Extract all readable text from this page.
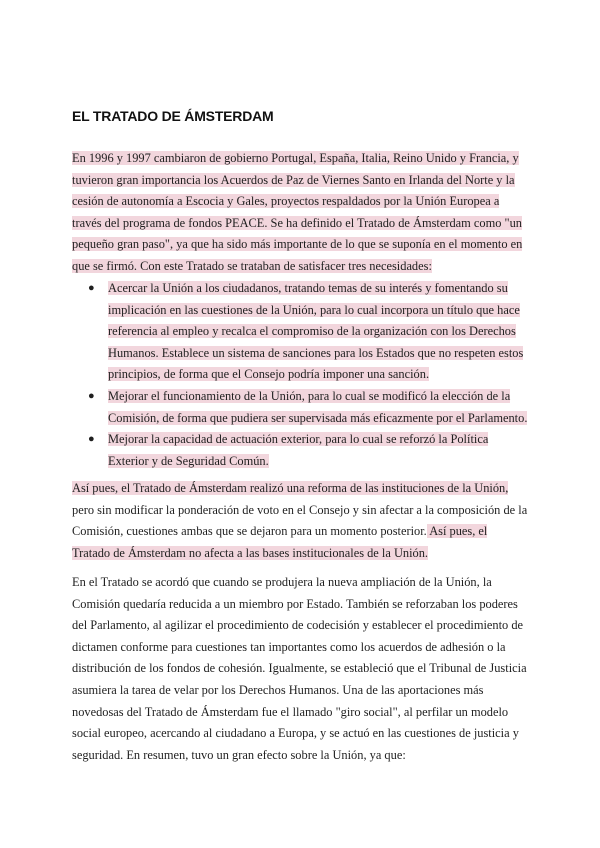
EL TRATADO DE ÁMSTERDAM
En 1996 y 1997 cambiaron de gobierno Portugal, España, Italia, Reino Unido y Francia, y tuvieron gran importancia los Acuerdos de Paz de Viernes Santo en Irlanda del Norte y la cesión de autonomía a Escocia y Gales, proyectos respaldados por la Unión Europea a través del programa de fondos PEACE. Se ha definido el Tratado de Ámsterdam como "un pequeño gran paso", ya que ha sido más importante de lo que se suponía en el momento en que se firmó. Con este Tratado se trataban de satisfacer tres necesidades:
●	Acercar la Unión a los ciudadanos, tratando temas de su interés y fomentando su implicación en las cuestiones de la Unión, para lo cual incorpora un título que hace referencia al empleo y recalca el compromiso de la organización con los Derechos Humanos. Establece un sistema de sanciones para los Estados que no respeten estos principios, de forma que el Consejo podría imponer una sanción.
●	Mejorar el funcionamiento de la Unión, para lo cual se modificó la elección de la Comisión, de forma que pudiera ser supervisada más eficazmente por el Parlamento.
●	Mejorar la capacidad de actuación exterior, para lo cual se reforzó la Política Exterior y de Seguridad Común.
Así pues, el Tratado de Ámsterdam realizó una reforma de las instituciones de la Unión, pero sin modificar la ponderación de voto en el Consejo y sin afectar a la composición de la Comisión, cuestiones ambas que se dejaron para un momento posterior. Así pues, el Tratado de Ámsterdam no afecta a las bases institucionales de la Unión.
En el Tratado se acordó que cuando se produjera la nueva ampliación de la Unión, la Comisión quedaría reducida a un miembro por Estado. También se reforzaban los poderes del Parlamento, al agilizar el procedimiento de codecisión y establecer el procedimiento de dictamen conforme para cuestiones tan importantes como los acuerdos de adhesión o la distribución de los fondos de cohesión. Igualmente, se estableció que el Tribunal de Justicia asumiera la tarea de velar por los Derechos Humanos. Una de las aportaciones más novedosas del Tratado de Ámsterdam fue el llamado "giro social", al perfilar un modelo social europeo, acercando al ciudadano a Europa, y se actuó en las cuestiones de justicia y seguridad. En resumen, tuvo un gran efecto sobre la Unión, ya que:
